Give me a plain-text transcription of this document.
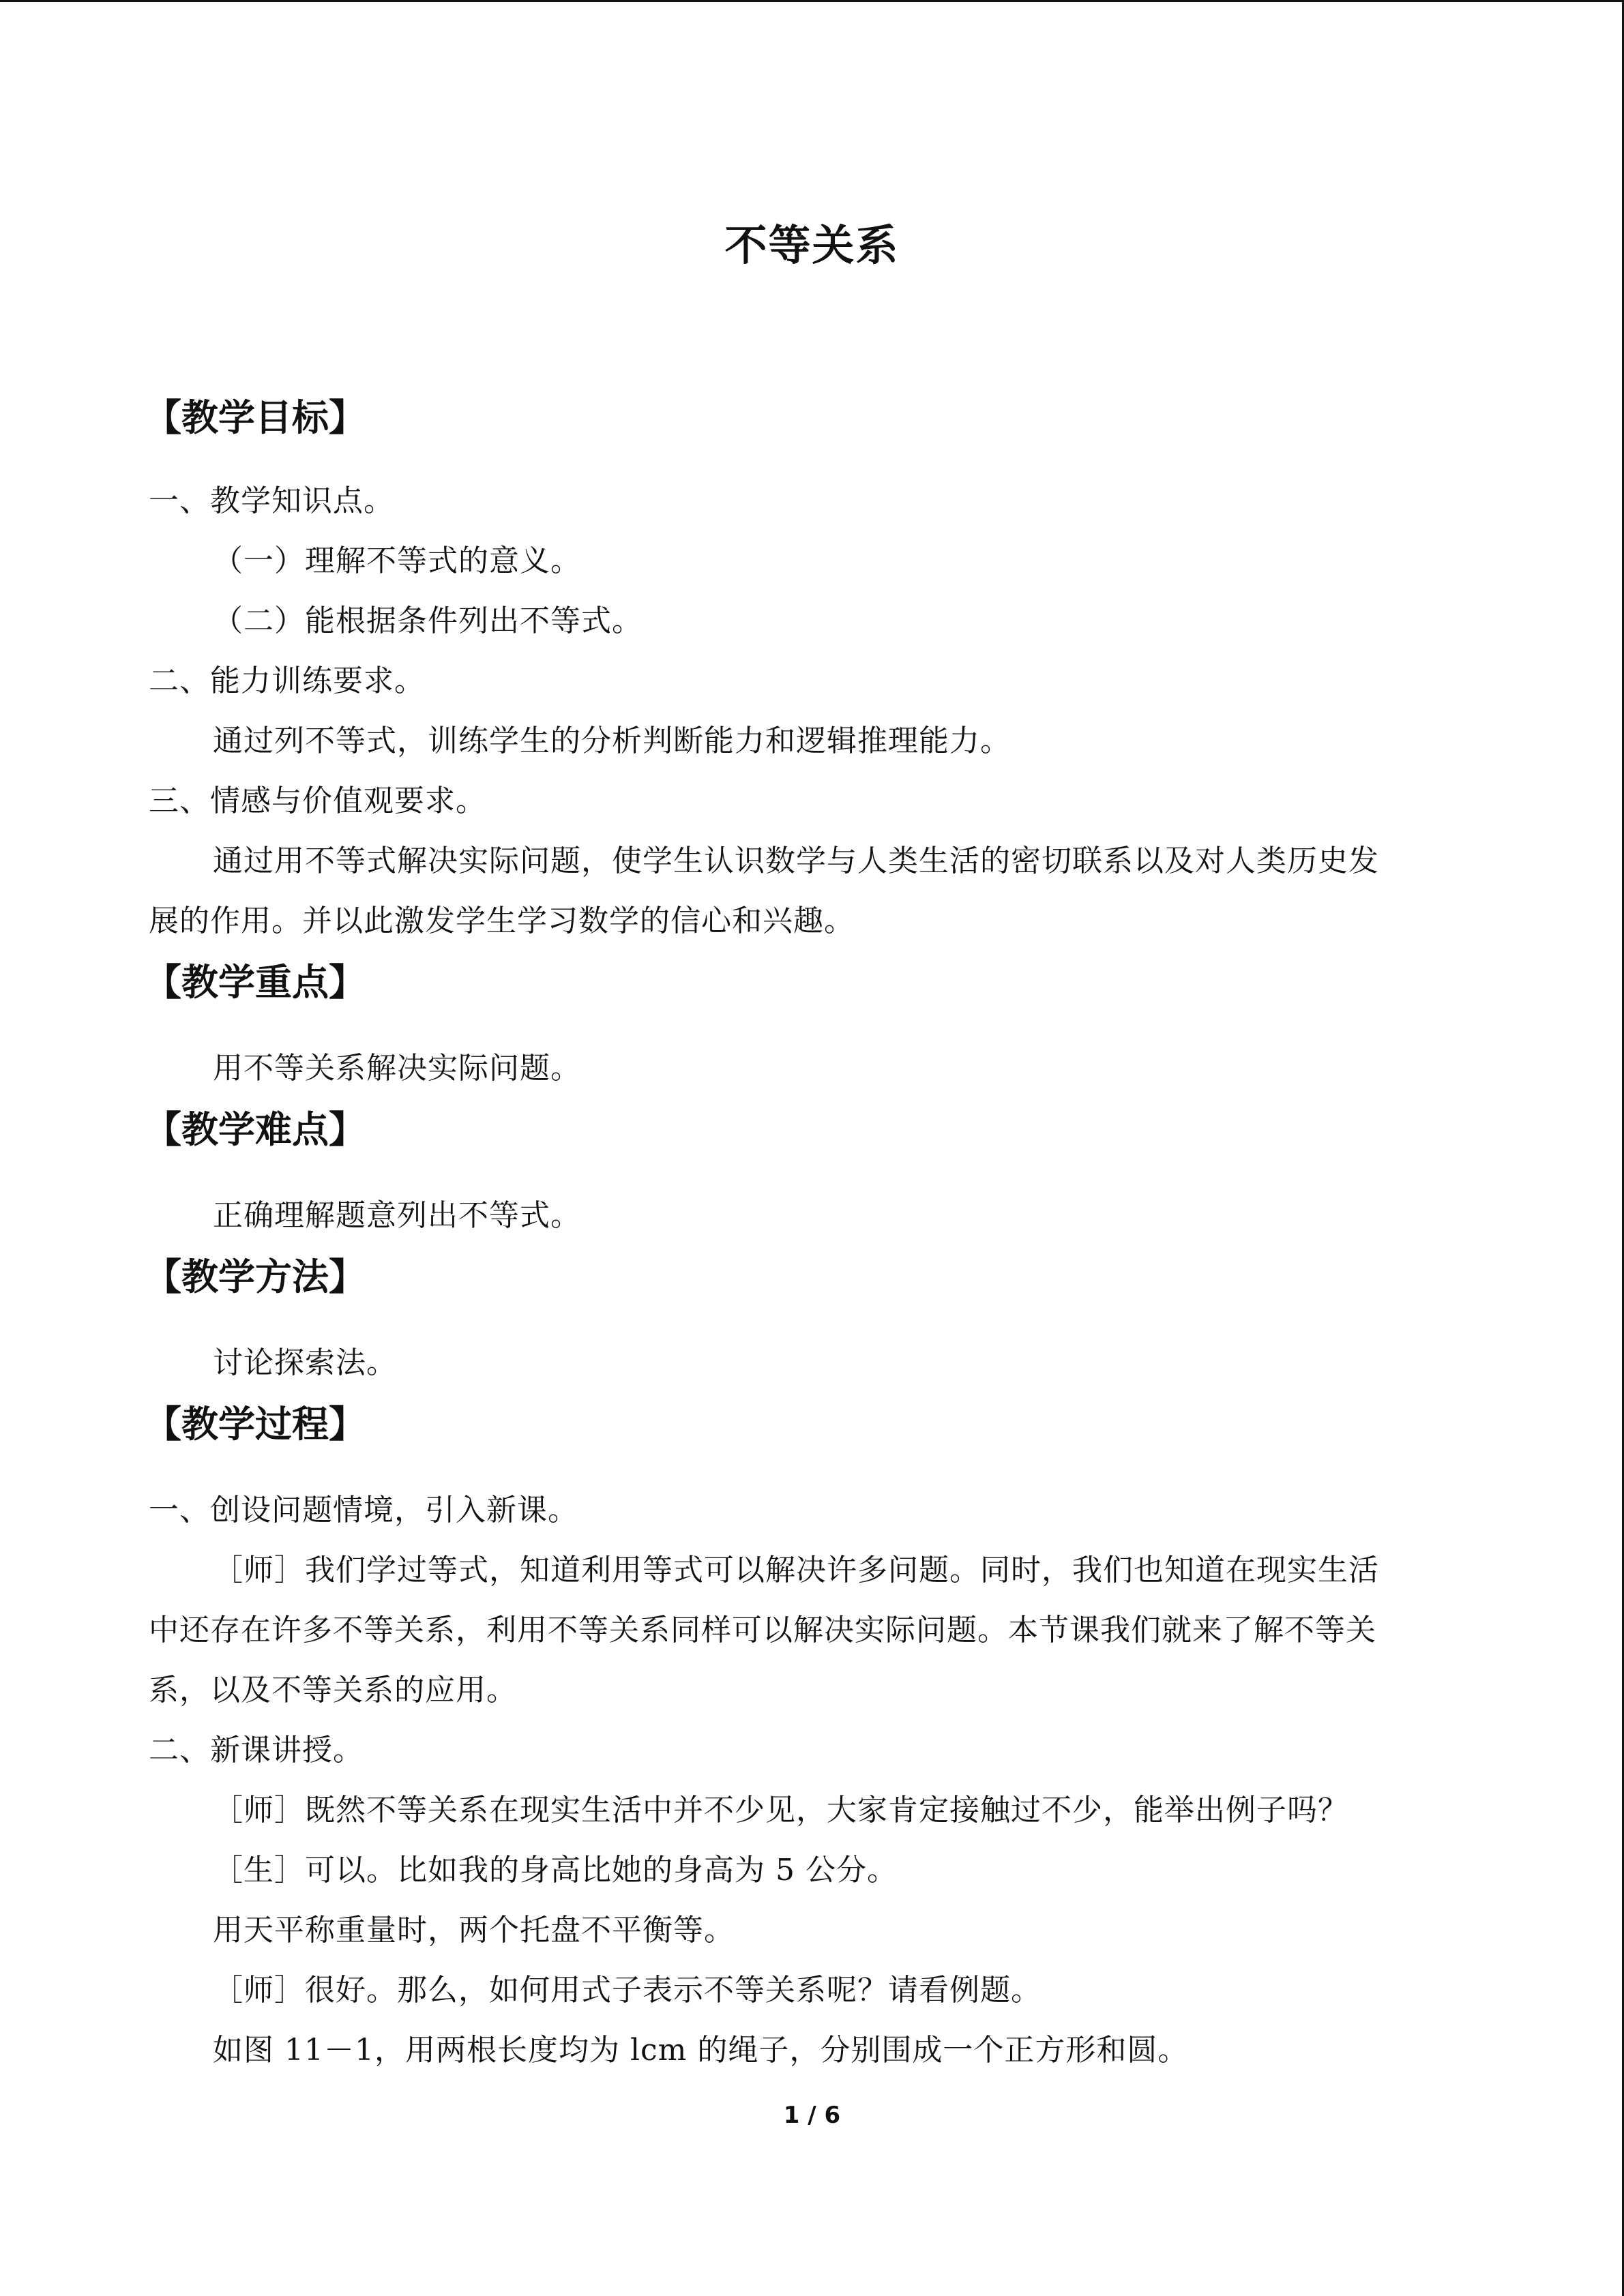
不等关系
【教学目标】
一、教学知识点。
（一）理解不等式的意义。
（二）能根据条件列出不等式。
二、能力训练要求。
通过列不等式，训练学生的分析判断能力和逻辑推理能力。
三、情感与价值观要求。
通过用不等式解决实际问题，使学生认识数学与人类生活的密切联系以及对人类历史发
展的作用。并以此激发学生学习数学的信心和兴趣。
【教学重点】
用不等关系解决实际问题。
【教学难点】
正确理解题意列出不等式。
【教学方法】
讨论探索法。
【教学过程】
一、创设问题情境，引入新课。
［师］我们学过等式，知道利用等式可以解决许多问题。同时，我们也知道在现实生活
中还存在许多不等关系，利用不等关系同样可以解决实际问题。本节课我们就来了解不等关
系，以及不等关系的应用。
二、新课讲授。
［师］既然不等关系在现实生活中并不少见，大家肯定接触过不少，能举出例子吗？
［生］可以。比如我的身高比她的身高为 5 公分。
用天平称重量时，两个托盘不平衡等。
［师］很好。那么，如何用式子表示不等关系呢？请看例题。
如图 11－1，用两根长度均为 lcm 的绳子，分别围成一个正方形和圆。
1 / 6
